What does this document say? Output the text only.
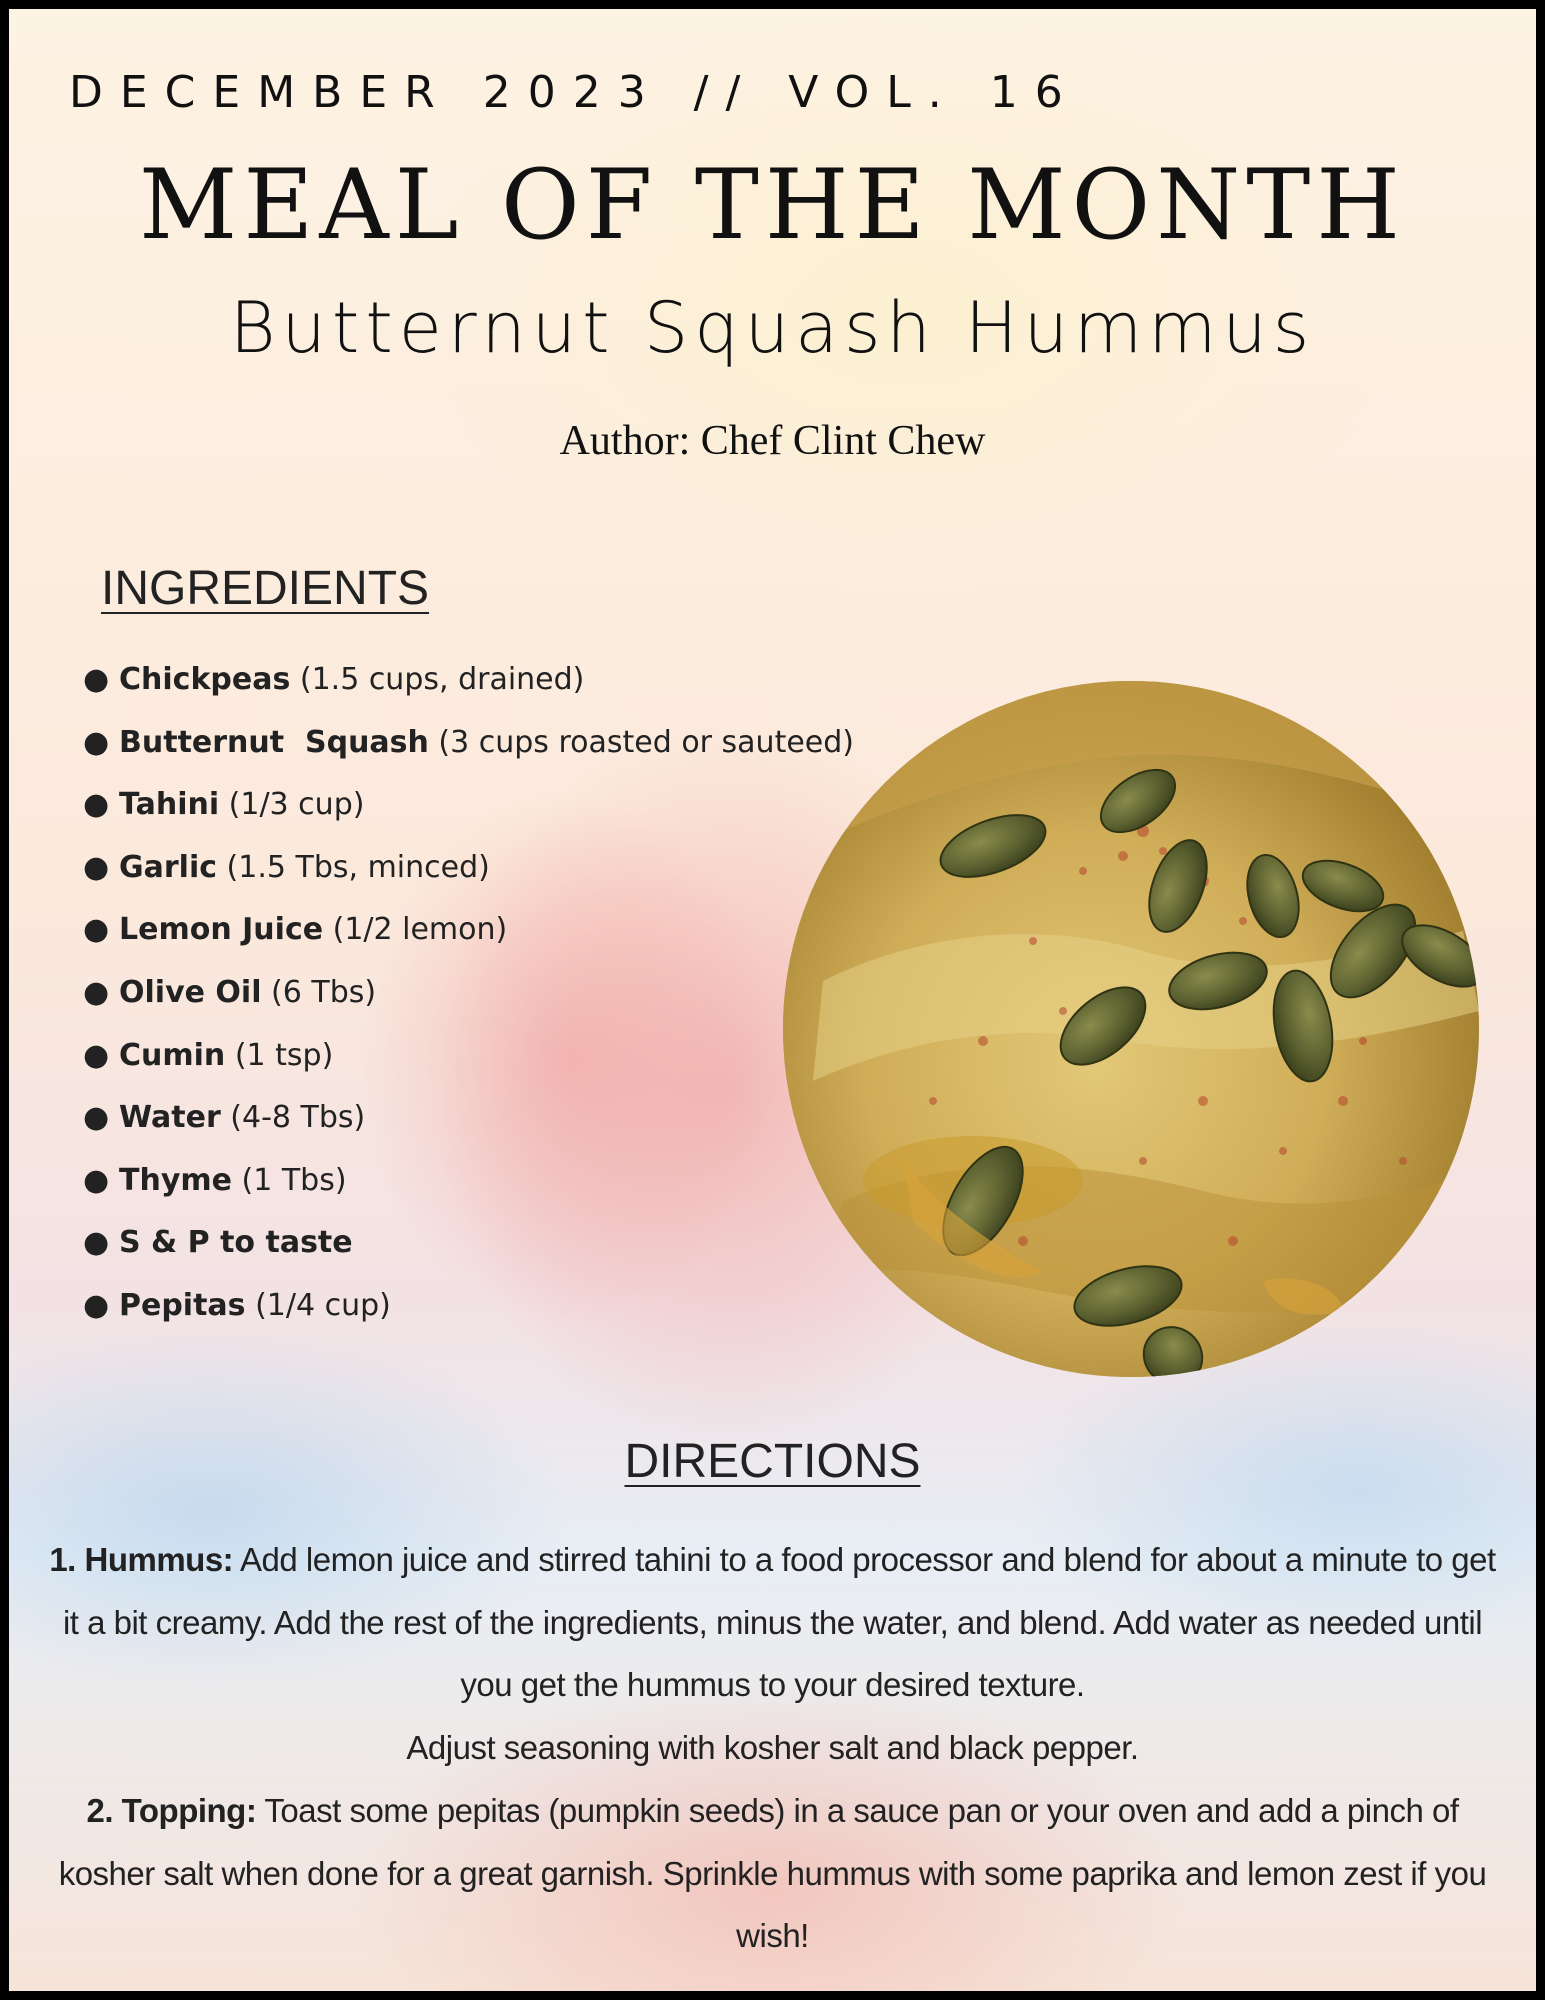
DECEMBER 2023 // VOL. 16
MEAL OF THE MONTH
Butternut Squash Hummus
Author: Chef Clint Chew
INGREDIENTS
● Chickpeas (1.5 cups, drained)
● Butternut  Squash (3 cups roasted or sauteed)
● Tahini (1/3 cup)
● Garlic (1.5 Tbs, minced)
● Lemon Juice (1/2 lemon)
● Olive Oil (6 Tbs)
● Cumin (1 tsp)
● Water (4-8 Tbs)
● Thyme (1 Tbs)
● S & P to taste
● Pepitas (1/4 cup)
DIRECTIONS

1. Hummus: Add lemon juice and stirred tahini to a food processor and blend for about a minute to get it a bit creamy. Add the rest of the ingredients, minus the water, and blend. Add water as needed until you get the hummus to your desired texture.

Adjust seasoning with kosher salt and black pepper.

2. Topping: Toast some pepitas (pumpkin seeds) in a sauce pan or your oven and add a pinch of kosher salt when done for a great garnish. Sprinkle hummus with some paprika and lemon zest if you wish!
